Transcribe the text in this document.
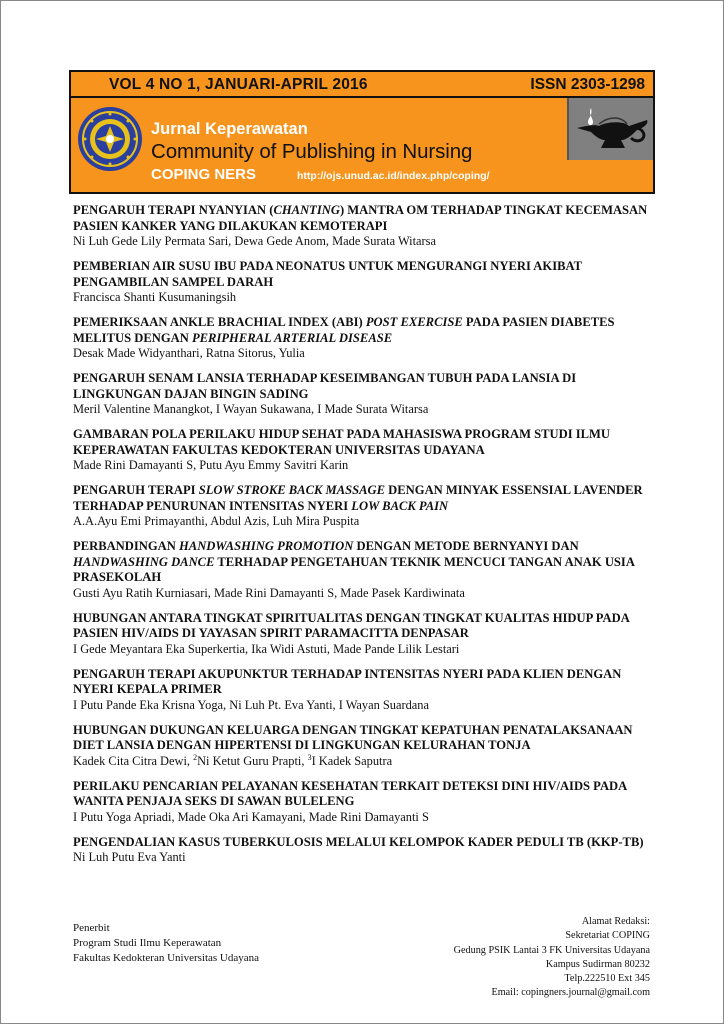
VOL 4 NO 1, JANUARI-APRIL 2016	ISSN 2303-1298
Jurnal Keperawatan
Community of Publishing in Nursing
COPING NERS	http://ojs.unud.ac.id/index.php/coping/
PENGARUH TERAPI NYANYIAN (CHANTING) MANTRA OM TERHADAP TINGKAT KECEMASAN PASIEN KANKER YANG DILAKUKAN KEMOTERAPI
Ni Luh Gede Lily Permata Sari, Dewa Gede Anom, Made Surata Witarsa
PEMBERIAN AIR SUSU IBU PADA NEONATUS UNTUK MENGURANGI NYERI AKIBAT PENGAMBILAN SAMPEL DARAH
Francisca Shanti Kusumaningsih
PEMERIKSAAN ANKLE BRACHIAL INDEX (ABI) POST EXERCISE PADA PASIEN DIABETES MELITUS DENGAN PERIPHERAL ARTERIAL DISEASE
Desak Made Widyanthari, Ratna Sitorus, Yulia
PENGARUH SENAM LANSIA TERHADAP KESEIMBANGAN TUBUH PADA LANSIA DI LINGKUNGAN DAJAN BINGIN SADING
Meril Valentine Manangkot, I Wayan Sukawana, I Made Surata Witarsa
GAMBARAN POLA PERILAKU HIDUP SEHAT PADA MAHASISWA PROGRAM STUDI ILMU KEPERAWATAN FAKULTAS KEDOKTERAN UNIVERSITAS UDAYANA
Made Rini Damayanti S, Putu Ayu Emmy Savitri Karin
PENGARUH TERAPI SLOW STROKE BACK MASSAGE DENGAN MINYAK ESSENSIAL LAVENDER TERHADAP PENURUNAN INTENSITAS NYERI LOW BACK PAIN
A.A.Ayu Emi Primayanthi, Abdul Azis, Luh Mira Puspita
PERBANDINGAN HANDWASHING PROMOTION DENGAN METODE BERNYANYI DAN HANDWASHING DANCE TERHADAP PENGETAHUAN TEKNIK MENCUCI TANGAN ANAK USIA PRASEKOLAH
Gusti Ayu Ratih Kurniasari, Made Rini Damayanti S, Made Pasek Kardiwinata
HUBUNGAN ANTARA TINGKAT SPIRITUALITAS DENGAN TINGKAT KUALITAS HIDUP PADA PASIEN HIV/AIDS DI YAYASAN SPIRIT PARAMACITTA DENPASAR
I Gede Meyantara Eka Superkertia, Ika Widi Astuti, Made Pande Lilik Lestari
PENGARUH TERAPI AKUPUNKTUR TERHADAP INTENSITAS NYERI PADA KLIEN DENGAN NYERI KEPALA PRIMER
I Putu Pande Eka Krisna Yoga, Ni Luh Pt. Eva Yanti, I Wayan Suardana
HUBUNGAN DUKUNGAN KELUARGA DENGAN TINGKAT KEPATUHAN PENATALAKSANAAN DIET LANSIA DENGAN HIPERTENSI DI LINGKUNGAN KELURAHAN TONJA
Kadek Cita Citra Dewi, $^2$Ni Ketut Guru Prapti, $^3$I Kadek Saputra
PERILAKU PENCARIAN PELAYANAN KESEHATAN TERKAIT DETEKSI DINI HIV/AIDS PADA WANITA PENJAJA SEKS DI SAWAN BULELENG
I Putu Yoga Apriadi, Made Oka Ari Kamayani, Made Rini Damayanti S
PENGENDALIAN KASUS TUBERKULOSIS MELALUI KELOMPOK KADER PEDULI TB (KKP-TB)
Ni Luh Putu Eva Yanti
Penerbit
Program Studi Ilmu Keperawatan
Fakultas Kedokteran Universitas Udayana
Alamat Redaksi:
Sekretariat COPING
Gedung PSIK Lantai 3 FK Universitas Udayana
Kampus Sudirman 80232
Telp.222510 Ext 345
Email: copingners.journal@gmail.com
